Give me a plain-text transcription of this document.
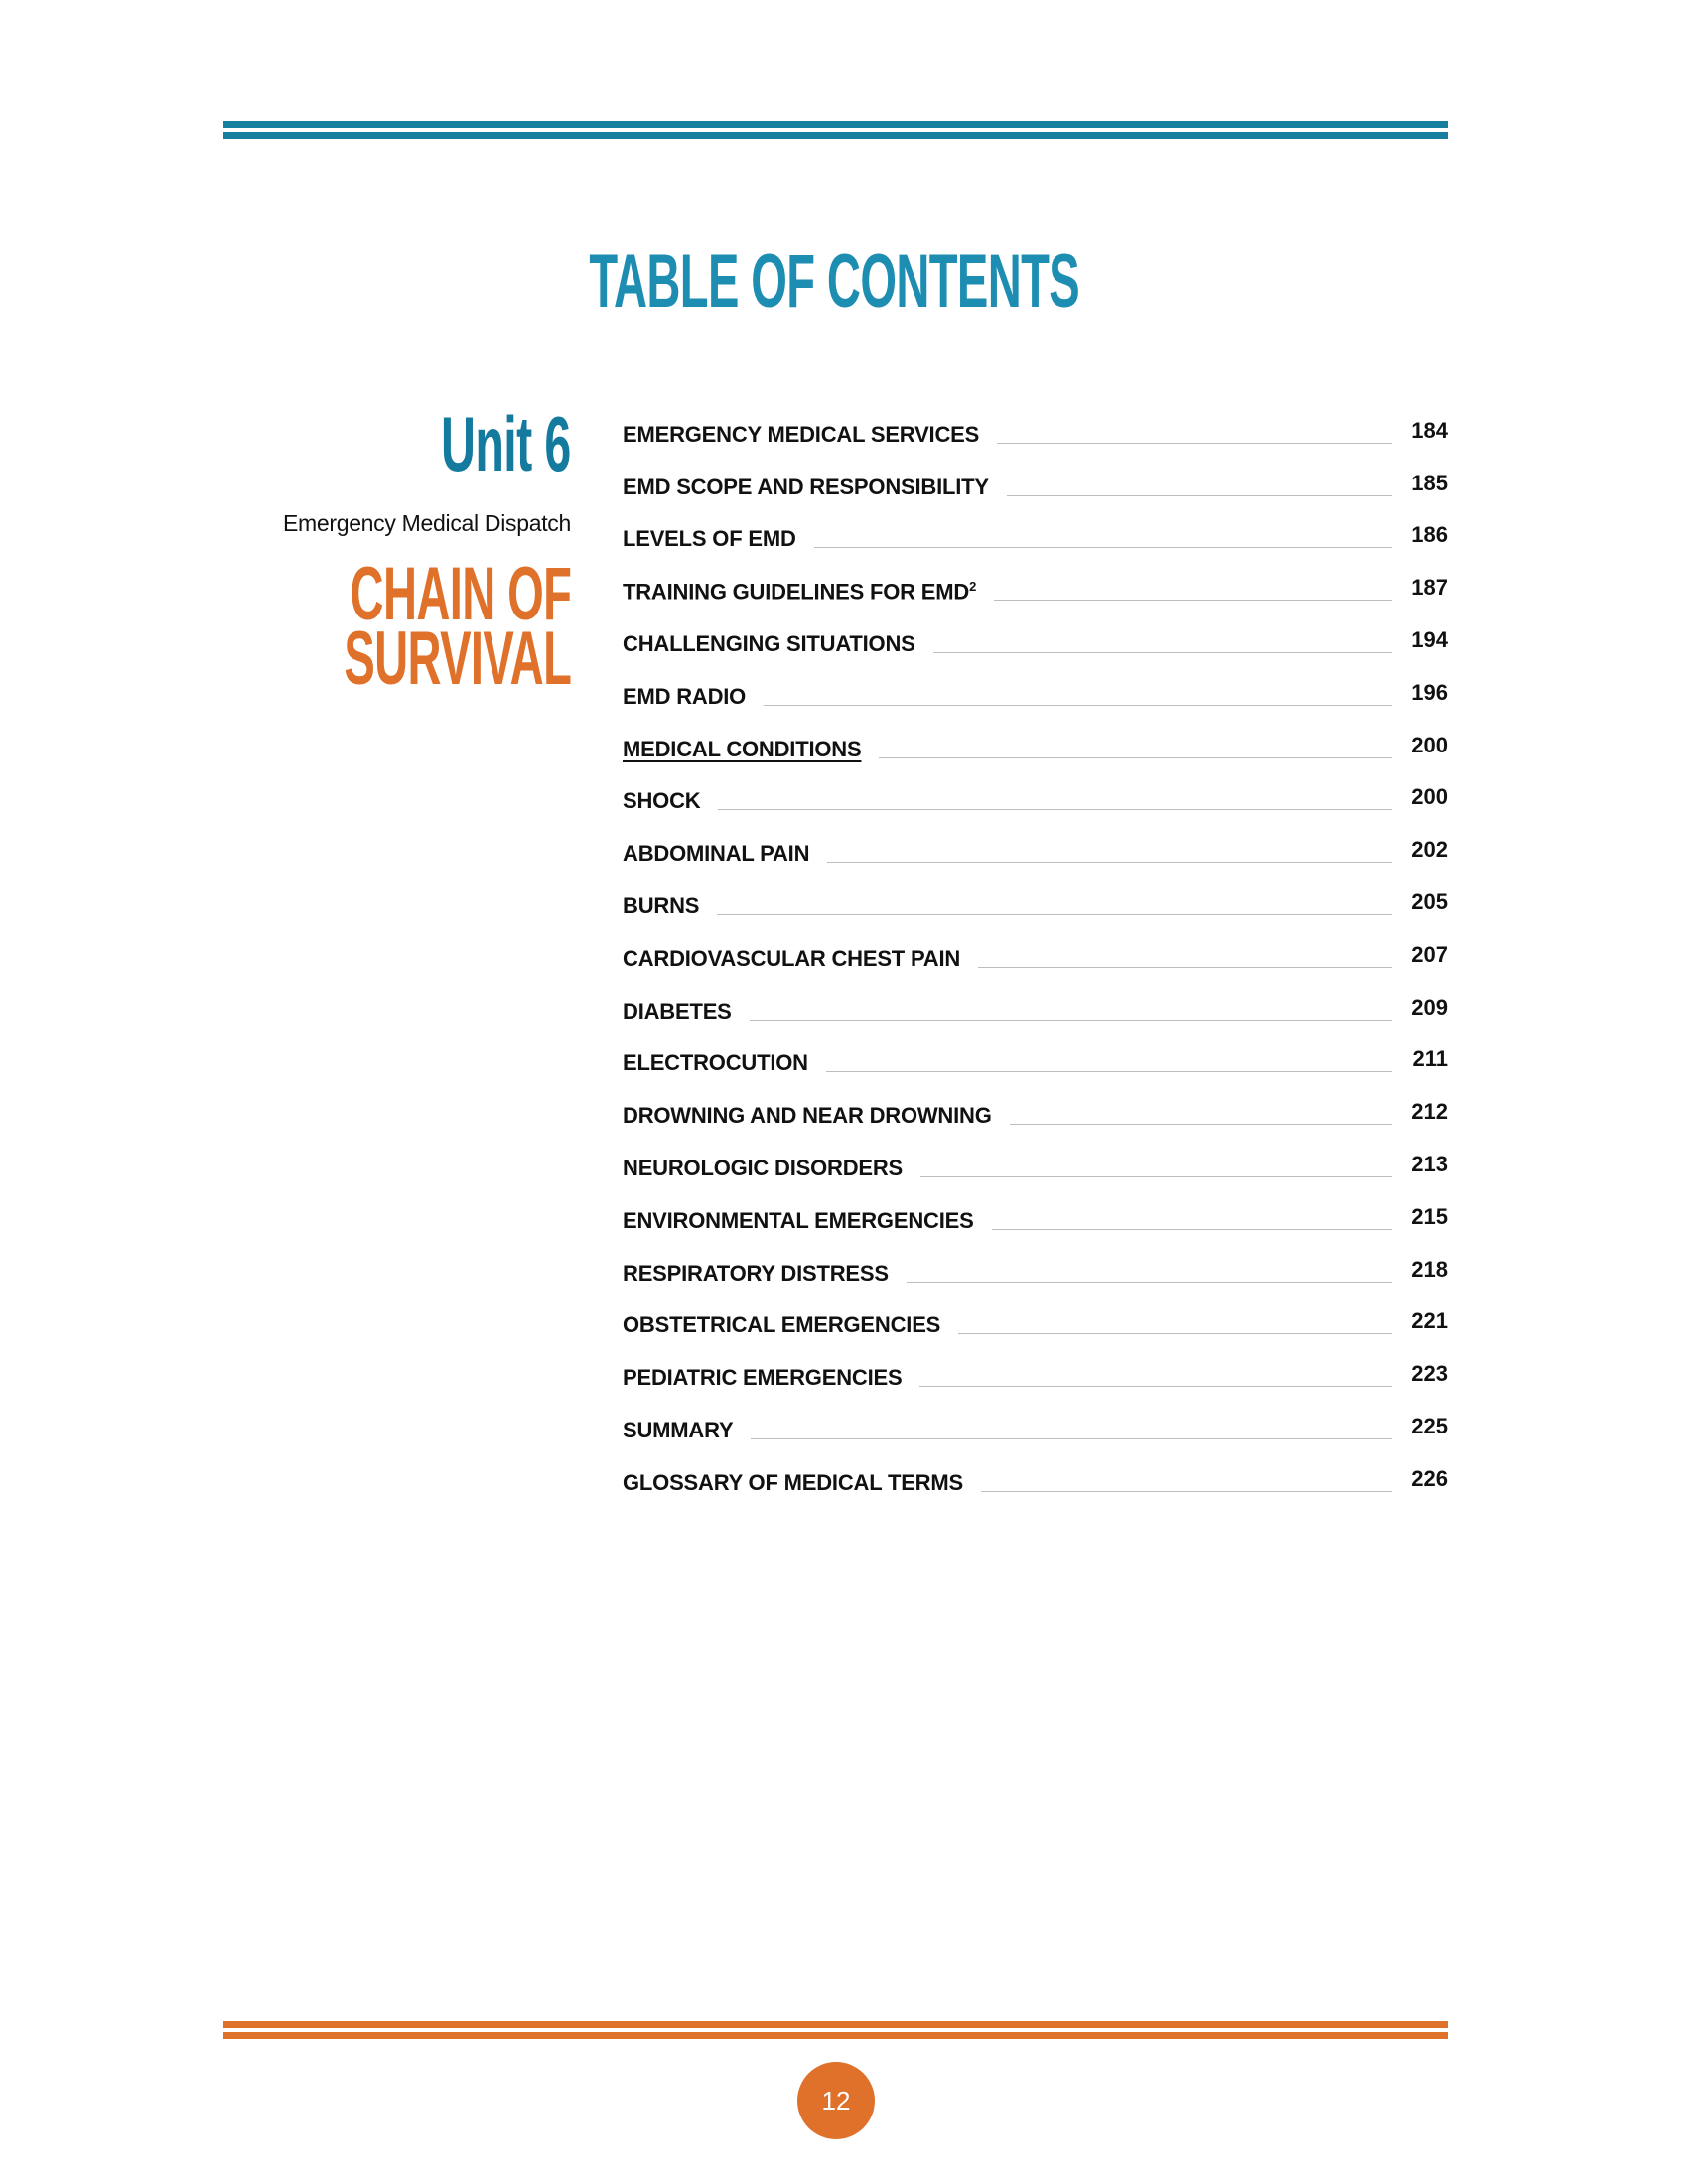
TABLE OF CONTENTS
Unit 6
Emergency Medical Dispatch
CHAIN OF
SURVIVAL
EMERGENCY MEDICAL SERVICES	184
EMD SCOPE AND RESPONSIBILITY	185
LEVELS OF EMD	186
TRAINING GUIDELINES FOR EMD$^2$	187
CHALLENGING SITUATIONS	194
EMD RADIO	196
MEDICAL CONDITIONS	200
SHOCK	200
ABDOMINAL PAIN	202
BURNS	205
CARDIOVASCULAR CHEST PAIN	207
DIABETES	209
ELECTROCUTION	211
DROWNING AND NEAR DROWNING	212
NEUROLOGIC DISORDERS	213
ENVIRONMENTAL EMERGENCIES	215
RESPIRATORY DISTRESS	218
OBSTETRICAL EMERGENCIES	221
PEDIATRIC EMERGENCIES	223
SUMMARY	225
GLOSSARY OF MEDICAL TERMS	226
12
